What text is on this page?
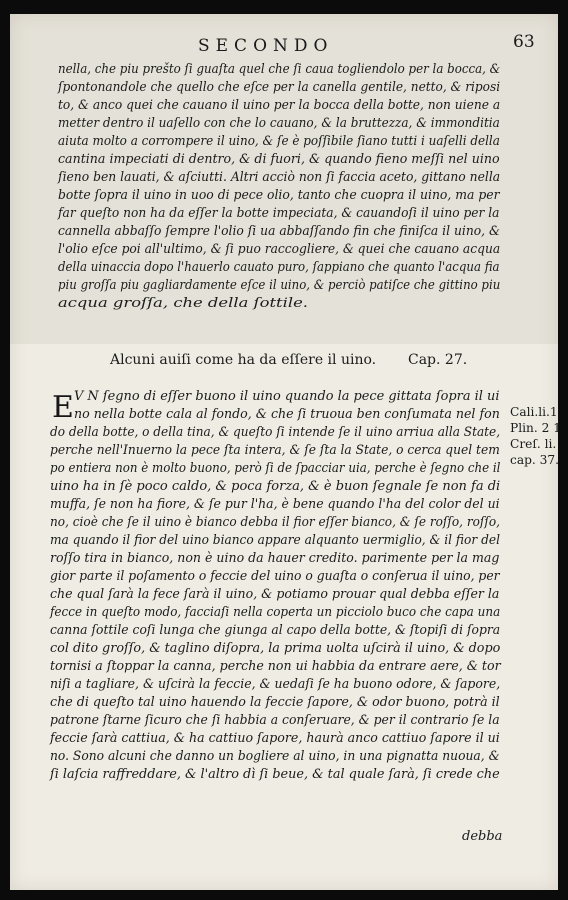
SECONDO	63
nella, che piu prešto ſi guaſta quel che ſi caua togliendolo per la bocca, &
ſpontonandole che quello che eſce per la canella gentile, netto, & riposi
to, & anco quei che cauano il uino per la bocca della botte, non uiene a
metter dentro il uaſello con che lo cauano, & la bruttezza, & immonditia
aiuta molto a corrompere il uino, & ſe è poſſibile ſiano tutti i uaſelli della
cantina impeciati di dentro, & di fuori, & quando fieno meſſi nel uino
ſieno ben lauati, & aſciutti. Altri acciò non ſi faccia aceto, gittano nella
botte ſopra il uino in uoo di pece olio, tanto che cuopra il uino, ma per
far queſto non ha da eſſer la botte impeciata, & cauandoſi il uino per la
cannella abbaſſo ſempre l'olio ſi ua abbaſſando fin che finiſca il uino, &
l'olio eſce poi all'ultimo, & ſi puo raccogliere, & quei che cauano acqua
della uinaccia dopo l'hauerlo cauato puro, ſappiano che quanto l'acqua fia
piu groſſa piu gagliardamente eſce il uino, & perciò patiſce che gittino piu
acqua groſſa, che della ſottile.
Alcuni auiſi come ha da eſſere il uino. Cap. 27.
E V N ſegno di eſſer buono il uino quando la pece gittata ſopra il ui
no nella botte cala al fondo, & che ſi truoua ben conſumata nel fon
do della botte, o della tina, & queſto ſi intende ſe il uino arriua alla State,
perche nell'Inuerno la pece ſta intera, & ſe ſta la State, o cerca quel tem
po entiera non è molto buono, però ſi de ſpacciar uia, perche è ſegno che il
uino ha in ſè poco caldo, & poca forza, & è buon ſegnale ſe non fa di
muffa, ſe non ha fiore, & ſe pur l'ha, è bene quando l'ha del color del ui
no, cioè che ſe il uino è bianco debba il fior eſſer bianco, & ſe roſſo, roſſo,
ma quando il fior del uino bianco appare alquanto uermiglio, & il fior del
roſſo tira in bianco, non è uino da hauer credito. parimente per la mag
gior parte il poſamento o feccie del uino o guaſta o conſerua il uino, per
che qual ſarà la fece ſarà il uino, & potiamo prouar qual debba eſſer la
fecce in queſto modo, facciaſi nella coperta un picciolo buco che capa una
canna ſottile coſi lunga che giunga al capo della botte, & ſtopiſi di ſopra
col dito groſſo, & taglino diſopra, la prima uolta uſcirà il uino, & dopo
tornisi a ſtoppar la canna, perche non ui habbia da entrare aere, & tor
niſi a tagliare, & uſcirà la feccie, & uedaſi ſe ha buono odore, & ſapore,
che di queſto tal uino hauendo la feccie ſapore, & odor buono, potrà il
patrone ſtarne ſicuro che ſi habbia a conſeruare, & per il contrario ſe la
feccie ſarà cattiua, & ha cattiuo ſapore, haurà anco cattiuo ſapore il ui
no. Sono alcuni che danno un bogliere al uino, in una pignatta nuoua, &
ſi laſcia raffreddare, & l'altro dì ſi beue, & tal quale ſarà, ſi crede che
debba
Cali.li.1
Plin. 2 1
Creſ. li.
cap. 37.
